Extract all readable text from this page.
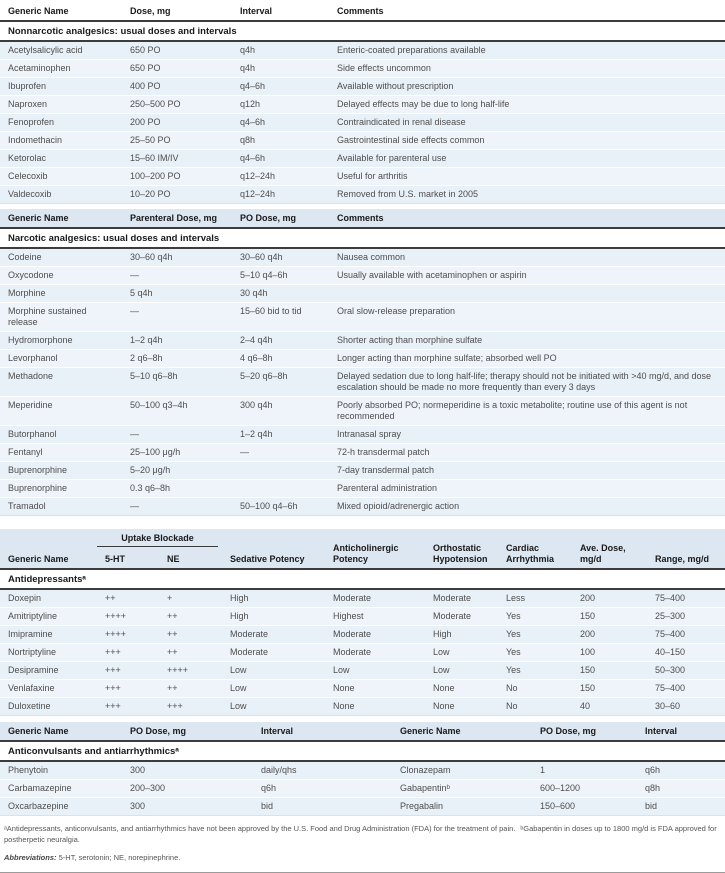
Generic Name	Dose, mg	Interval	Comments
Nonnarcotic analgesics: usual doses and intervals			
Acetylsalicylic acid	650 PO	q4h	Enteric-coated preparations available
Acetaminophen	650 PO	q4h	Side effects uncommon
Ibuprofen	400 PO	q4–6h	Available without prescription
Naproxen	250–500 PO	q12h	Delayed effects may be due to long half-life
Fenoprofen	200 PO	q4–6h	Contraindicated in renal disease
Indomethacin	25–50 PO	q8h	Gastrointestinal side effects common
Ketorolac	15–60 IM/IV	q4–6h	Available for parenteral use
Celecoxib	100–200 PO	q12–24h	Useful for arthritis
Valdecoxib	10–20 PO	q12–24h	Removed from U.S. market in 2005
Generic Name	Parenteral Dose, mg	PO Dose, mg	Comments
Narcotic analgesics: usual doses and intervals			
Codeine	30–60 q4h	30–60 q4h	Nausea common
Oxycodone	—	5–10 q4–6h	Usually available with acetaminophen or aspirin
Morphine	5 q4h	30 q4h	
Morphine sustained release	—	15–60 bid to tid	Oral slow-release preparation
Hydromorphone	1–2 q4h	2–4 q4h	Shorter acting than morphine sulfate
Levorphanol	2 q6–8h	4 q6–8h	Longer acting than morphine sulfate; absorbed well PO
Methadone	5–10 q6–8h	5–20 q6–8h	Delayed sedation due to long half-life; therapy should not be initiated with >40 mg/d, and dose escalation should be made no more frequently than every 3 days
Meperidine	50–100 q3–4h	300 q4h	Poorly absorbed PO; normeperidine is a toxic metabolite; routine use of this agent is not recommended
Butorphanol	—	1–2 q4h	Intranasal spray
Fentanyl	25–100 μg/h	—	72-h transdermal patch
Buprenorphine	5–20 μg/h		7-day transdermal patch
Buprenorphine	0.3 q6–8h		Parenteral administration
Tramadol	—	50–100 q4–6h	Mixed opioid/adrenergic action
Generic Name	Uptake Blockade		Sedative Potency	Anticholinergic Potency	Orthostatic Hypotension	Cardiac Arrhythmia	Ave. Dose, mg/d	Range, mg/d
	5-HT	NE						
Antidepressantsᵃ								
Doxepin	++	+	High	Moderate	Moderate	Less	200	75–400
Amitriptyline	++++	++	High	Highest	Moderate	Yes	150	25–300
Imipramine	++++	++	Moderate	Moderate	High	Yes	200	75–400
Nortriptyline	+++	++	Moderate	Moderate	Low	Yes	100	40–150
Desipramine	+++	++++	Low	Low	Low	Yes	150	50–300
Venlafaxine	+++	++	Low	None	None	No	150	75–400
Duloxetine	+++	+++	Low	None	None	No	40	30–60
Generic Name	PO Dose, mg	Interval	Generic Name	PO Dose, mg	Interval
Anticonvulsants and antiarrhythmicsᵃ					
Phenytoin	300	daily/qhs	Clonazepam	1	q6h
Carbamazepine	200–300	q6h	Gabapentinᵇ	600–1200	q8h
Oxcarbazepine	300	bid	Pregabalin	150–600	bid

ᵃAntidepressants, anticonvulsants, and antiarrhythmics have not been approved by the U.S. Food and Drug Administration (FDA) for the treatment of pain. ᵇGabapentin in doses up to 1800 mg/d is FDA approved for postherpetic neuralgia.

Abbreviations: 5-HT, serotonin; NE, norepinephrine.
